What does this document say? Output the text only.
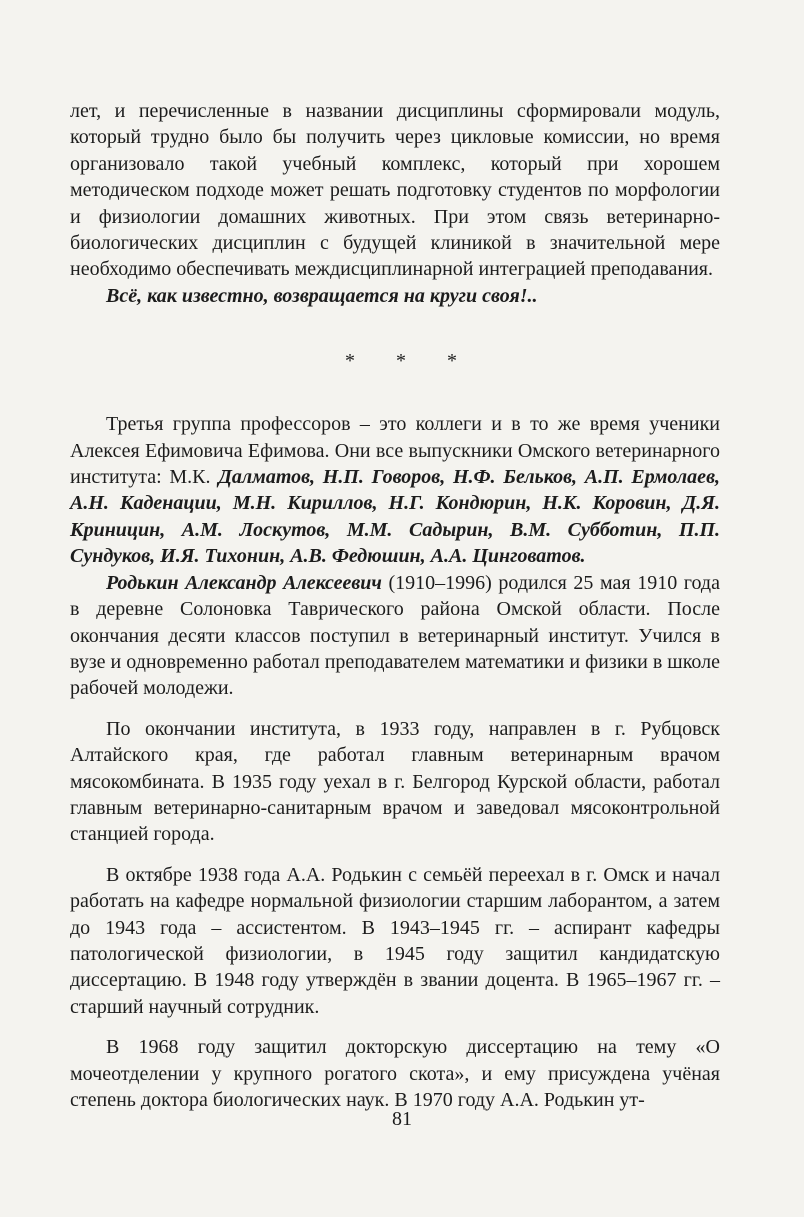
лет, и перечисленные в названии дисциплины сформировали модуль, который трудно было бы получить через цикловые комиссии, но время организовало такой учебный комплекс, который при хорошем методическом подходе может решать подготовку студентов по морфологии и физиологии домашних животных. При этом связь ветеринарно-биологических дисциплин с будущей клиникой в значительной мере необходимо обеспечивать междисциплинарной интеграцией преподавания.

Всё, как известно, возвращается на круги своя!..

* * *

Третья группа профессоров – это коллеги и в то же время ученики Алексея Ефимовича Ефимова. Они все выпускники Омского ветеринарного института: М.К. Далматов, Н.П. Говоров, Н.Ф. Бельков, А.П. Ермолаев, А.Н. Каденации, М.Н. Кириллов, Н.Г. Кондюрин, Н.К. Коровин, Д.Я. Криницин, А.М. Лоскутов, М.М. Садырин, В.М. Субботин, П.П. Сундуков, И.Я. Тихонин, А.В. Федюшин, А.А. Цинговатов.

Родькин Александр Алексеевич (1910–1996) родился 25 мая 1910 года в деревне Солоновка Таврического района Омской области. После окончания десяти классов поступил в ветеринарный институт. Учился в вузе и одновременно работал преподавателем математики и физики в школе рабочей молодежи.

По окончании института, в 1933 году, направлен в г. Рубцовск Алтайского края, где работал главным ветеринарным врачом мясокомбината. В 1935 году уехал в г. Белгород Курской области, работал главным ветеринарно-санитарным врачом и заведовал мясоконтрольной станцией города.

В октябре 1938 года А.А. Родькин с семьёй переехал в г. Омск и начал работать на кафедре нормальной физиологии старшим лаборантом, а затем до 1943 года – ассистентом. В 1943–1945 гг. – аспирант кафедры патологической физиологии, в 1945 году защитил кандидатскую диссертацию. В 1948 году утверждён в звании доцента. В 1965–1967 гг. – старший научный сотрудник.

В 1968 году защитил докторскую диссертацию на тему «О мочеотделении у крупного рогатого скота», и ему присуждена учёная степень доктора биологических наук. В 1970 году А.А. Родькин ут-

81
